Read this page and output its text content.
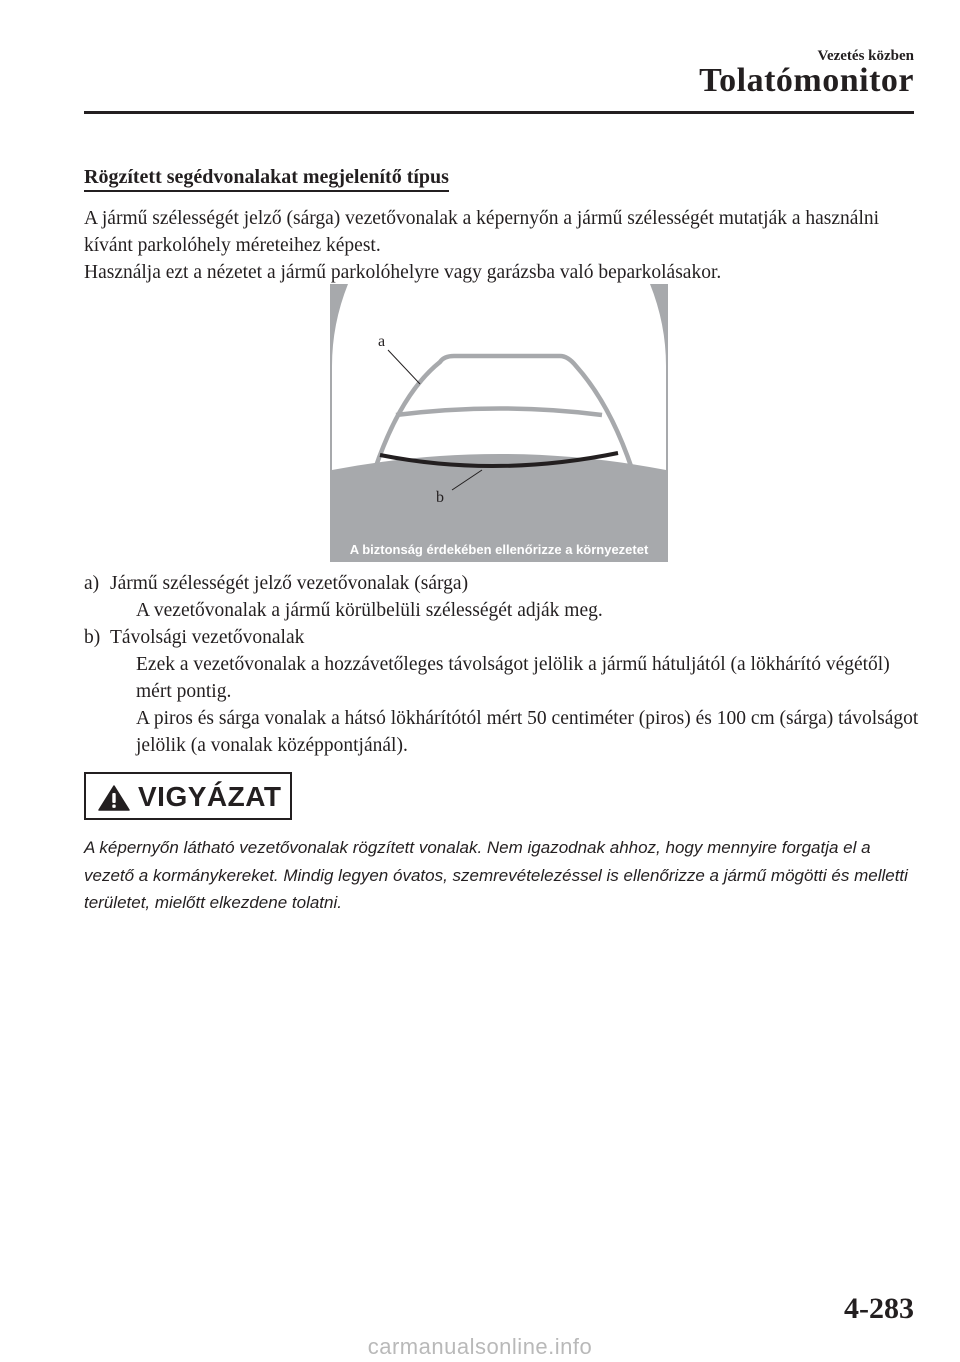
Vezetés közben
Tolatómonitor
Rögzített segédvonalakat megjelenítő típus
A jármű szélességét jelző (sárga) vezetővonalak a képernyőn a jármű szélességét mutatják a használni kívánt parkolóhely méreteihez képest.
Használja ezt a nézetet a jármű parkolóhelyre vagy garázsba való beparkolásakor.
a
b
A biztonság érdekében ellenőrizze a környezetet
a) Jármű szélességét jelző vezetővonalak (sárga)
A vezetővonalak a jármű körülbelüli szélességét adják meg.
b) Távolsági vezetővonalak
Ezek a vezetővonalak a hozzávetőleges távolságot jelölik a jármű hátuljától (a lökhárító végétől) mért pontig.
A piros és sárga vonalak a hátsó lökhárítótól mért 50 centiméter (piros) és 100 cm (sárga) távolságot jelölik (a vonalak középpontjánál).
VIGYÁZAT
A képernyőn látható vezetővonalak rögzített vonalak. Nem igazodnak ahhoz, hogy mennyire forgatja el a vezető a kormánykereket. Mindig legyen óvatos, szemrevételezéssel is ellenőrizze a jármű mögötti és melletti területet, mielőtt elkezdene tolatni.
4-283
carmanualsonline.info
